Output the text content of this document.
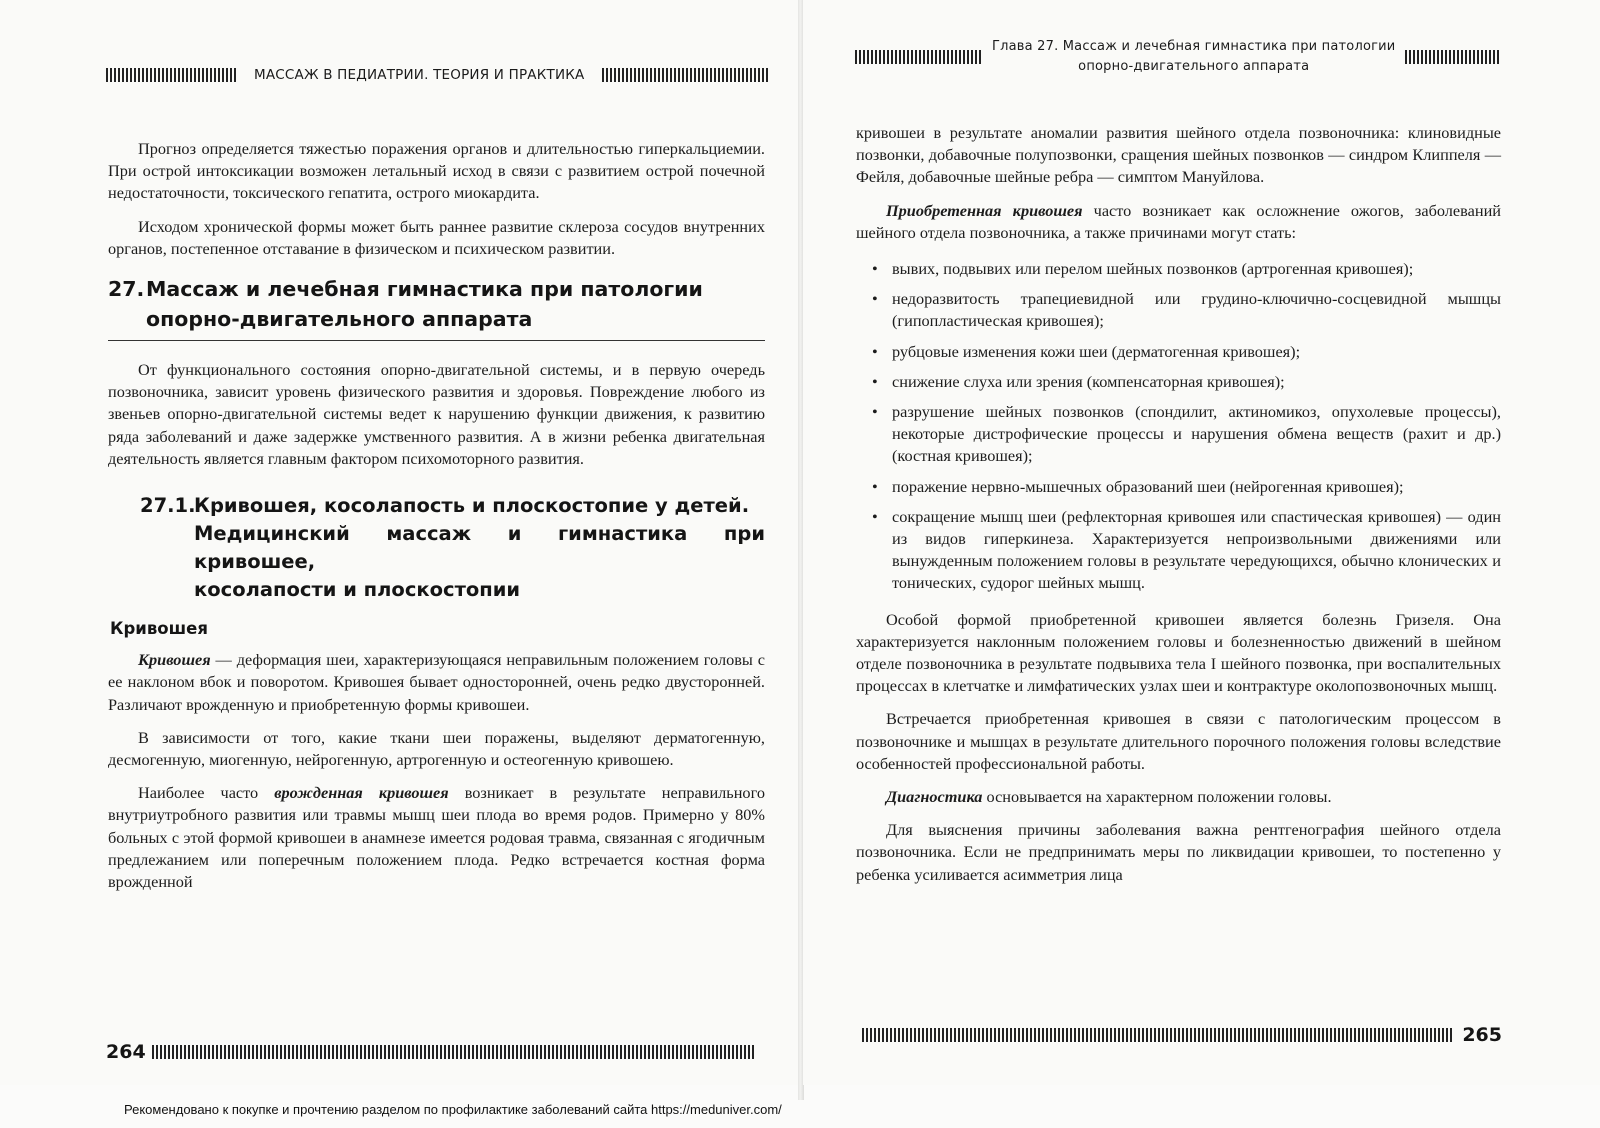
МАССАЖ В ПЕДИАТРИИ. ТЕОРИЯ И ПРАКТИКА

Прогноз определяется тяжестью поражения органов и длительностью гиперкальциемии. При острой интоксикации возможен летальный исход в связи с развитием острой почечной недостаточности, токсического гепатита, острого миокардита.

Исходом хронической формы может быть раннее развитие склероза сосудов внутренних органов, постепенное отставание в физическом и психическом развитии.

27.Массаж и лечебная гимнастика при патологии
опорно-двигательного аппарата

От функционального состояния опорно-двигательной системы, и в первую очередь позвоночника, зависит уровень физического развития и здоровья. Повреждение любого из звеньев опорно-двигательной системы ведет к нарушению функции движения, к развитию ряда заболеваний и даже задержке умственного развития. А в жизни ребенка двигательная деятельность является главным фактором психомоторного развития.

27.1.Кривошея, косолапость и плоскостопие у детей.
Медицинский массаж и гимнастика при кривошее,
косолапости и плоскостопии
Кривошея

Кривошея — деформация шеи, характеризующаяся неправильным положением головы с ее наклоном вбок и поворотом. Кривошея бывает односторонней, очень редко двусторонней. Различают врожденную и приобретенную формы кривошеи.

В зависимости от того, какие ткани шеи поражены, выделяют дерматогенную, десмогенную, миогенную, нейрогенную, артрогенную и остеогенную кривошею.

Наиболее часто врожденная кривошея возникает в результате неправильного внутриутробного развития или травмы мышц шеи плода во время родов. Примерно у 80% больных с этой формой кривошеи в анамнезе имеется родовая травма, связанная с ягодичным предлежанием или поперечным положением плода. Редко встречается костная форма врожденной

264
Глава 27. Массаж и лечебная гимнастика при патологии
опорно-двигательного аппарата

кривошеи в результате аномалии развития шейного отдела позвоночника: клиновидные позвонки, добавочные полупозвонки, сращения шейных позвонков — синдром Клиппеля — Фейля, добавочные шейные ребра — симптом Мануйлова.

Приобретенная кривошея часто возникает как осложнение ожогов, заболеваний шейного отдела позвоночника, а также причинами могут стать:

• вывих, подвывих или перелом шейных позвонков (артрогенная кривошея);
• недоразвитость трапециевидной или грудино-ключично-сосцевидной мышцы (гипопластическая кривошея);
• рубцовые изменения кожи шеи (дерматогенная кривошея);
• снижение слуха или зрения (компенсаторная кривошея);
• разрушение шейных позвонков (спондилит, актиномикоз, опухолевые процессы), некоторые дистрофические процессы и нарушения обмена веществ (рахит и др.) (костная кривошея);
• поражение нервно-мышечных образований шеи (нейрогенная кривошея);
• сокращение мышц шеи (рефлекторная кривошея или спастическая кривошея) — один из видов гиперкинеза. Характеризуется непроизвольными движениями или вынужденным положением головы в результате чередующихся, обычно клонических и тонических, судорог шейных мышц.

Особой формой приобретенной кривошеи является болезнь Гризеля. Она характеризуется наклонным положением головы и болезненностью движений в шейном отделе позвоночника в результате подвывиха тела I шейного позвонка, при воспалительных процессах в клетчатке и лимфатических узлах шеи и контрактуре околопозвоночных мышц.

Встречается приобретенная кривошея в связи с патологическим процессом в позвоночнике и мышцах в результате длительного порочного положения головы вследствие особенностей профессиональной работы.

Диагностика основывается на характерном положении головы.

Для выяснения причины заболевания важна рентгенография шейного отдела позвоночника. Если не предпринимать меры по ликвидации кривошеи, то постепенно у ребенка усиливается асимметрия лица

265
Рекомендовано к покупке и прочтению разделом по профилактике заболеваний сайта https://meduniver.com/
